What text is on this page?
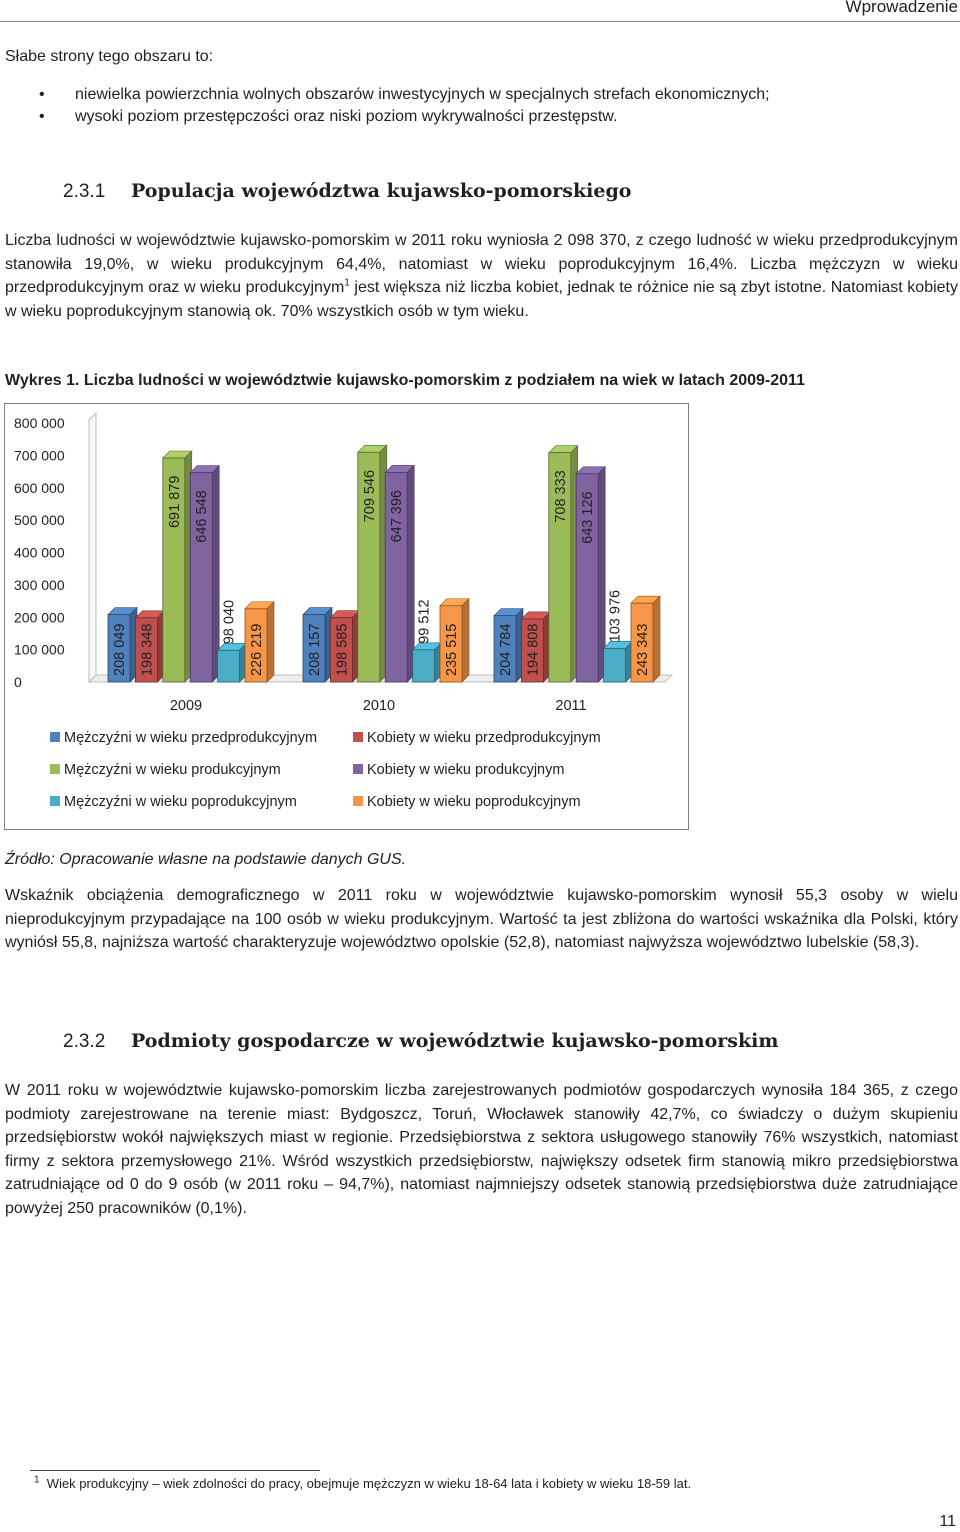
Wprowadzenie
Słabe strony tego obszaru to:
• niewielka powierzchnia wolnych obszarów inwestycyjnych w specjalnych strefach ekonomicznych;
• wysoki poziom przestępczości oraz niski poziom wykrywalności przestępstw.
2.3.1 Populacja województwa kujawsko-pomorskiego
Liczba ludności w województwie kujawsko-pomorskim w 2011 roku wyniosła 2 098 370, z czego ludność w wieku przedprodukcyjnym stanowiła 19,0%, w wieku produkcyjnym 64,4%, natomiast w wieku poprodukcyjnym 16,4%. Liczba mężczyzn w wieku przedprodukcyjnym oraz w wieku produkcyjnym$^1$ jest większa niż liczba kobiet, jednak te różnice nie są zbyt istotne. Natomiast kobiety w wieku poprodukcyjnym stanowią ok. 70% wszystkich osób w tym wieku.
Wykres 1. Liczba ludności w województwie kujawsko-pomorskim z podziałem na wiek w latach 2009-2011
0
100 000
200 000
300 000
400 000
500 000
600 000
700 000
800 000
208 049	208 157	204 784
198 348	198 585	194 808
691 879	709 546	708 333
646 548	647 396	643 126
98 040	99 512	103 976
226 219	235 515	243 343
2009	2010	2011
Mężczyźni w wieku przedprodukcyjnym	Kobiety w wieku przedprodukcyjnym
Mężczyźni w wieku produkcyjnym	Kobiety w wieku produkcyjnym
Mężczyźni w wieku poprodukcyjnym	Kobiety w wieku poprodukcyjnym
Źródło: Opracowanie własne na podstawie danych GUS.
Wskaźnik obciążenia demograficznego w 2011 roku w województwie kujawsko-pomorskim wynosił 55,3 osoby w wielu nieprodukcyjnym przypadające na 100 osób w wieku produkcyjnym. Wartość ta jest zbliżona do wartości wskaźnika dla Polski, który wyniósł 55,8, najniższa wartość charakteryzuje województwo opolskie (52,8), natomiast najwyższa województwo lubelskie (58,3).
2.3.2 Podmioty gospodarcze w województwie kujawsko-pomorskim
W 2011 roku w województwie kujawsko-pomorskim liczba zarejestrowanych podmiotów gospodarczych wynosiła 184 365, z czego podmioty zarejestrowane na terenie miast: Bydgoszcz, Toruń, Włocławek stanowiły 42,7%, co świadczy o dużym skupieniu przedsiębiorstw wokół największych miast w regionie. Przedsiębiorstwa z sektora usługowego stanowiły 76% wszystkich, natomiast firmy z sektora przemysłowego 21%. Wśród wszystkich przedsiębiorstw, największy odsetek firm stanowią mikro przedsiębiorstwa zatrudniające od 0 do 9 osób (w 2011 roku – 94,7%), natomiast najmniejszy odsetek stanowią przedsiębiorstwa duże zatrudniające powyżej 250 pracowników (0,1%).
$^1$ Wiek produkcyjny – wiek zdolności do pracy, obejmuje mężczyzn w wieku 18-64 lata i kobiety w wieku 18-59 lat.
11
